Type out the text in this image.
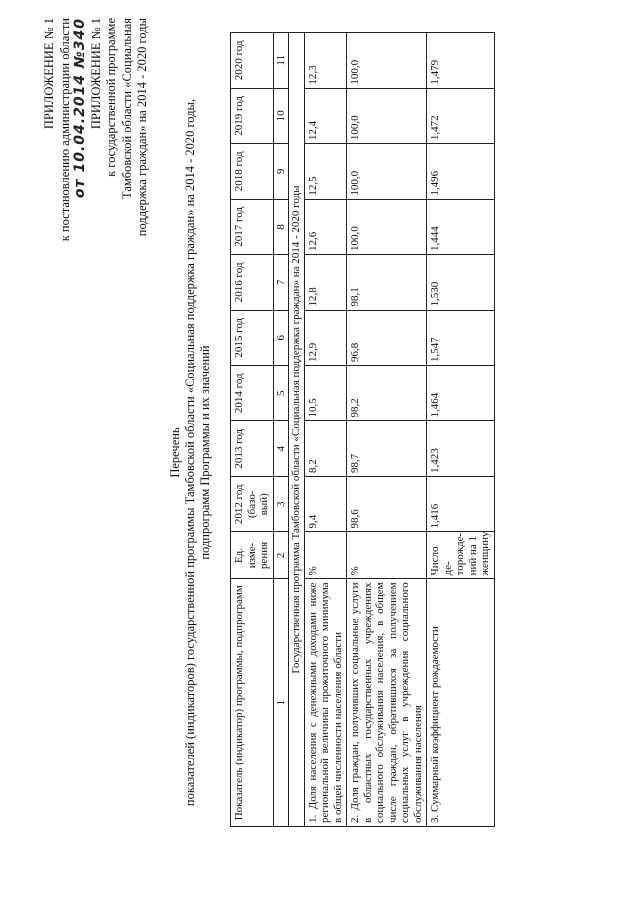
ПРИЛОЖЕНИЕ № 1 к постановлению администрации области от 10.04.2014 №340 ПРИЛОЖЕНИЕ № 1 к государственной программе Тамбовской области «Социальная поддержка граждан» на 2014 - 2020 годы
Перечень показателей (индикаторов) государственной программы Тамбовской области «Социальная поддержка граждан» на 2014 - 2020 годы, подпрограмм Программы и их значений
Показатель (индикатор) программы, подпрограмм	Ед. изме-рения	2012 год (базо-вый)	2013 год	2014 год	2015 год	2016 год	2017 год	2018 год	2019 год	2020 год
1	2	3	4	5	6	7	8	9	10	11
Государственная программа Тамбовской области «Социальная поддержка граждан» на 2014 - 2020 годы										
1. Доля населения с денежными доходами ниже региональной величины прожиточного минимума в общей численности населения области	%	9,4	8,2	10,5	12,9	12,8	12,6	12,5	12,4	12,3
2. Доля граждан, получивших социальные услуги в областных государственных учреждениях социального обслуживания населения, в общем числе граждан, обратившихся за получением социальных услуг в учреждения социального обслуживания населения	%	98,6	98,7	98,2	96,8	98,1	100,0	100,0	100,0	100,0
3. Суммарный коэффициент рождаемости	Число де-торожде-ний на 1 женщину	1,416	1,423	1,464	1,547	1,530	1,444	1,496	1,472	1,479
